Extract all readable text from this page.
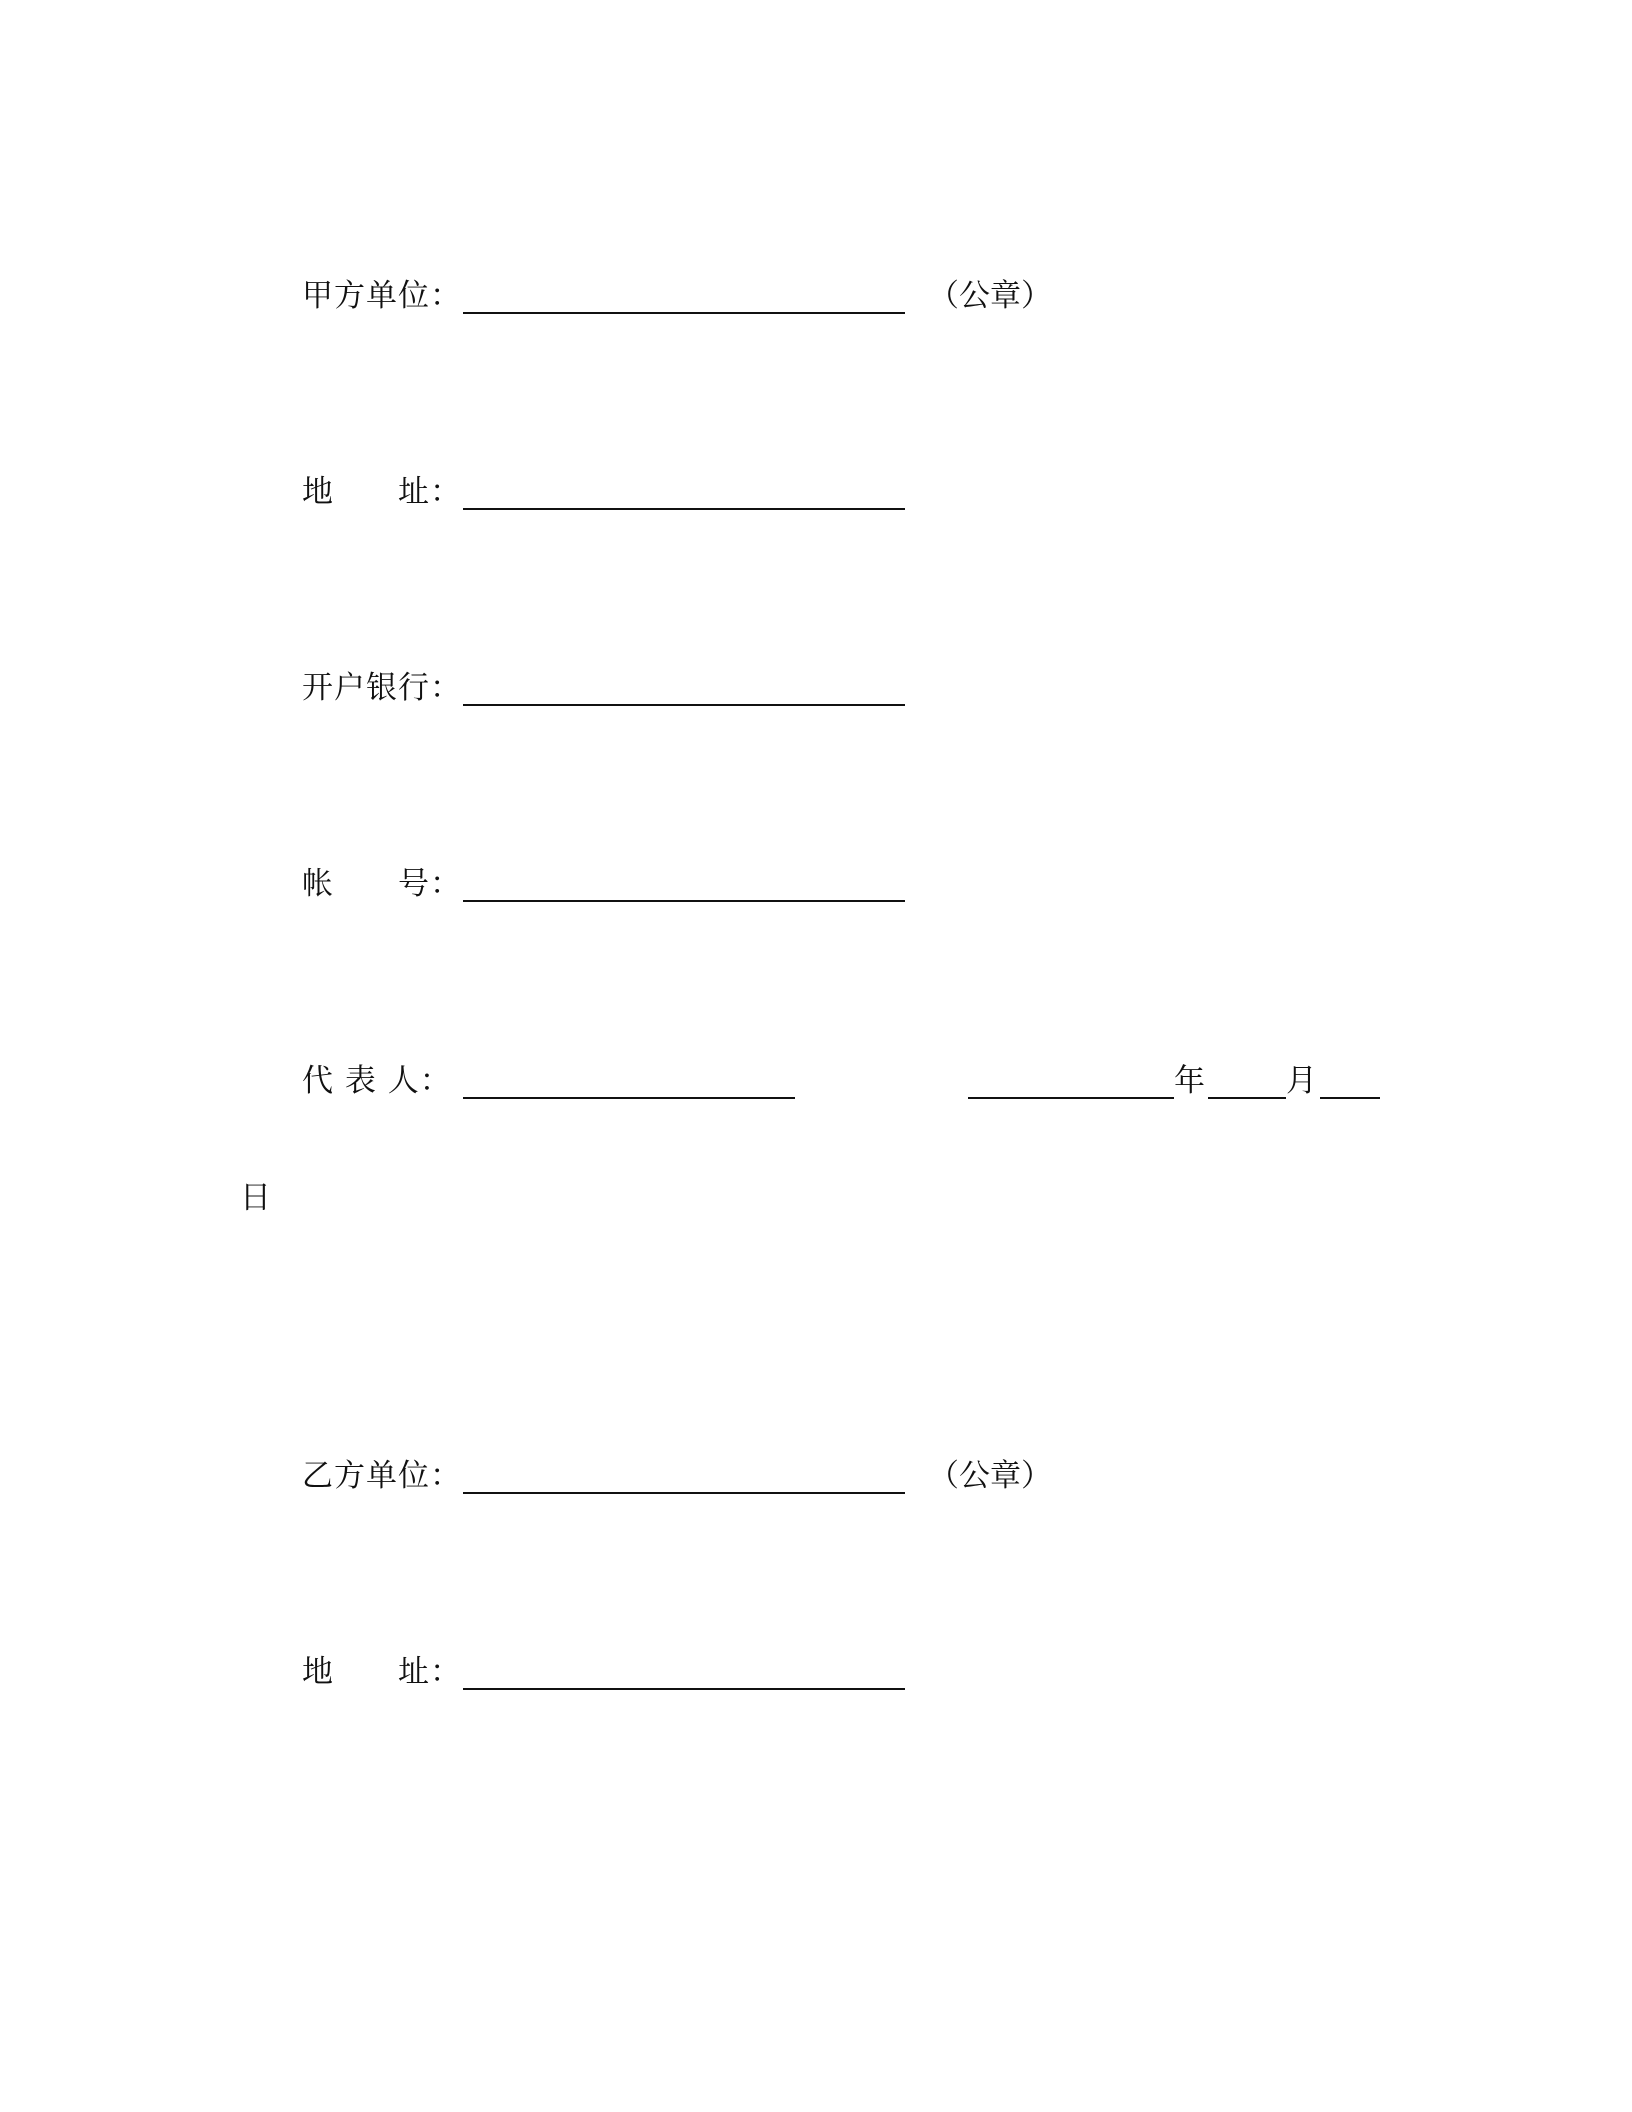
甲方单位：	（公章）
地　　址：
开户银行：
帐　　号：
代 表 人：	年	月
日
乙方单位：	（公章）
地　　址：
